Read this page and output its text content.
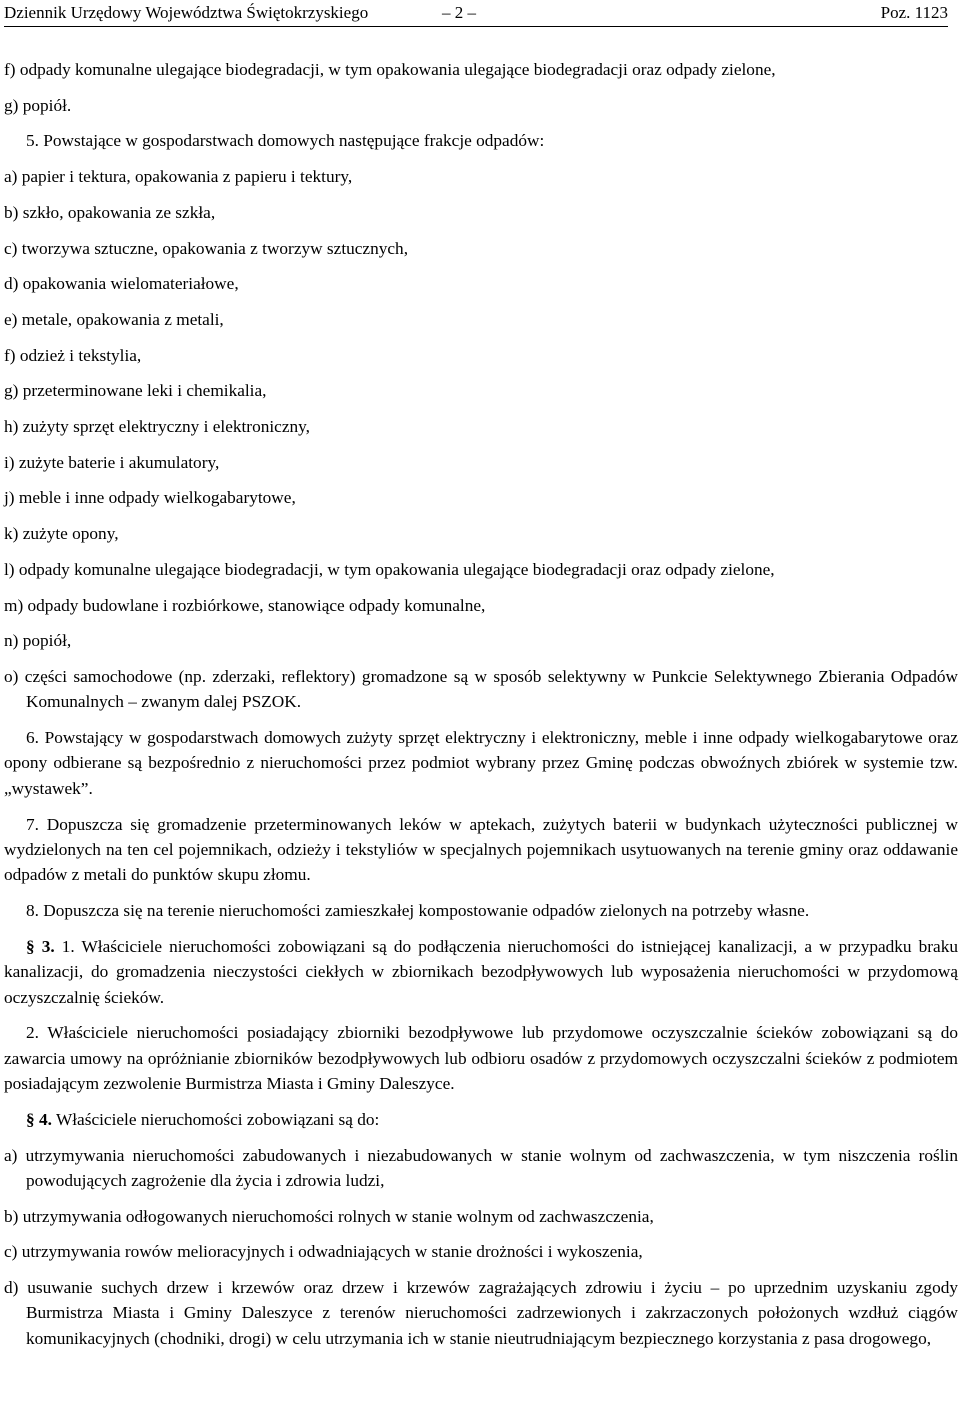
Dziennik Urzędowy Województwa Świętokrzyskiego	– 2 –	Poz. 1123

f) odpady komunalne ulegające biodegradacji, w tym opakowania ulegające biodegradacji oraz odpady zielone,

g) popiół.

5. Powstające w gospodarstwach domowych następujące frakcje odpadów:

a) papier i tektura, opakowania z papieru i tektury,

b) szkło, opakowania ze szkła,

c) tworzywa sztuczne, opakowania z tworzyw sztucznych,

d) opakowania wielomateriałowe,

e) metale, opakowania z metali,

f) odzież i tekstylia,

g) przeterminowane leki i chemikalia,

h) zużyty sprzęt elektryczny i elektroniczny,

i) zużyte baterie i akumulatory,

j) meble i inne odpady wielkogabarytowe,

k) zużyte opony,

l) odpady komunalne ulegające biodegradacji, w tym opakowania ulegające biodegradacji oraz odpady zielone,

m) odpady budowlane i rozbiórkowe, stanowiące odpady komunalne,

n) popiół,

o) części samochodowe (np. zderzaki, reflektory) gromadzone są w sposób selektywny w Punkcie Selektywnego Zbierania Odpadów Komunalnych – zwanym dalej PSZOK.

6. Powstający w gospodarstwach domowych zużyty sprzęt elektryczny i elektroniczny, meble i inne odpady wielkogabarytowe oraz opony odbierane są bezpośrednio z nieruchomości przez podmiot wybrany przez Gminę podczas obwoźnych zbiórek w systemie tzw. „wystawek”.

7. Dopuszcza się gromadzenie przeterminowanych leków w aptekach, zużytych baterii w budynkach użyteczności publicznej w wydzielonych na ten cel pojemnikach, odzieży i tekstyliów w specjalnych pojemnikach usytuowanych na terenie gminy oraz oddawanie odpadów z metali do punktów skupu złomu.

8. Dopuszcza się na terenie nieruchomości zamieszkałej kompostowanie odpadów zielonych na potrzeby własne.

§ 3. 1. Właściciele nieruchomości zobowiązani są do podłączenia nieruchomości do istniejącej kanalizacji, a w przypadku braku kanalizacji, do gromadzenia nieczystości ciekłych w zbiornikach bezodpływowych lub wyposażenia nieruchomości w przydomową oczyszczalnię ścieków.

2. Właściciele nieruchomości posiadający zbiorniki bezodpływowe lub przydomowe oczyszczalnie ścieków zobowiązani są do zawarcia umowy na opróżnianie zbiorników bezodpływowych lub odbioru osadów z przydomowych oczyszczalni ścieków z podmiotem posiadającym zezwolenie Burmistrza Miasta i Gminy Daleszyce.

§ 4. Właściciele nieruchomości zobowiązani są do:

a) utrzymywania nieruchomości zabudowanych i niezabudowanych w stanie wolnym od zachwaszczenia, w tym niszczenia roślin powodujących zagrożenie dla życia i zdrowia ludzi,

b) utrzymywania odłogowanych nieruchomości rolnych w stanie wolnym od zachwaszczenia,

c) utrzymywania rowów melioracyjnych i odwadniających w stanie drożności i wykoszenia,

d) usuwanie suchych drzew i krzewów oraz drzew i krzewów zagrażających zdrowiu i życiu – po uprzednim uzyskaniu zgody Burmistrza Miasta i Gminy Daleszyce z terenów nieruchomości zadrzewionych i zakrzaczonych położonych wzdłuż ciągów komunikacyjnych (chodniki, drogi) w celu utrzymania ich w stanie nieutrudniającym bezpiecznego korzystania z pasa drogowego,
